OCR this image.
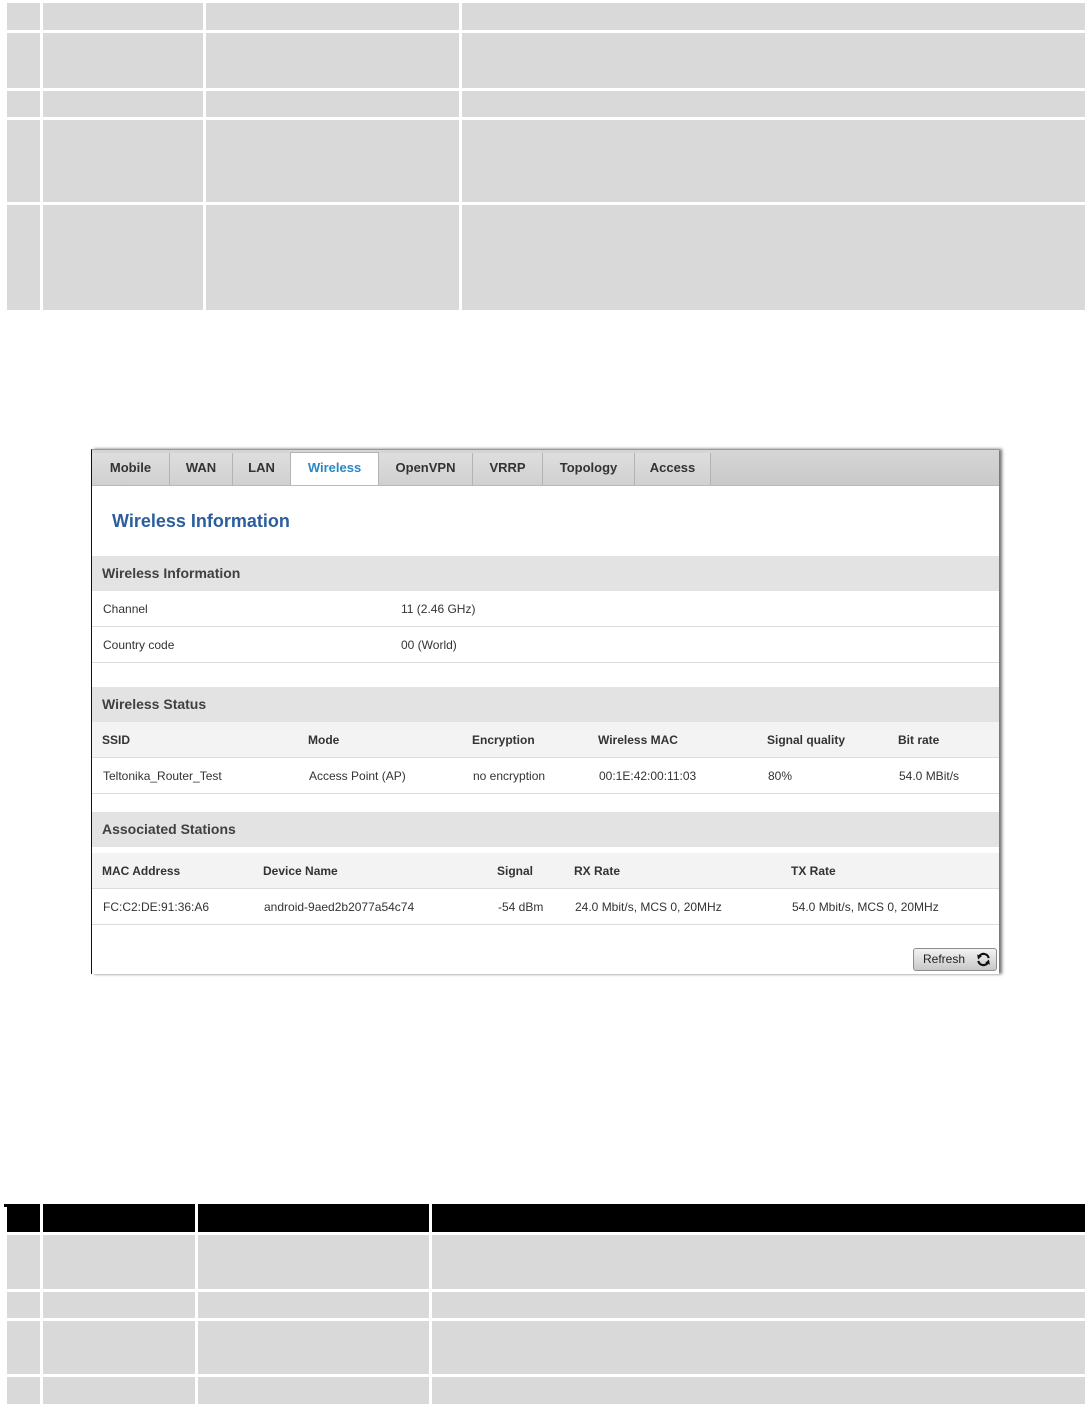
Mobile	WAN	LAN	Wireless	OpenVPN	VRRP	Topology	Access
Wireless Information
Wireless Information
Channel	11 (2.46 GHz)
Country code	00 (World)
Wireless Status
SSID	Mode	Encryption	Wireless MAC	Signal quality	Bit rate
Teltonika_Router_Test	Access Point (AP)	no encryption	00:1E:42:00:11:03	80%	54.0 MBit/s
Associated Stations
MAC Address	Device Name	Signal	RX Rate	TX Rate
FC:C2:DE:91:36:A6	android-9aed2b2077a54c74	-54 dBm	24.0 Mbit/s, MCS 0, 20MHz	54.0 Mbit/s, MCS 0, 20MHz
Refresh
